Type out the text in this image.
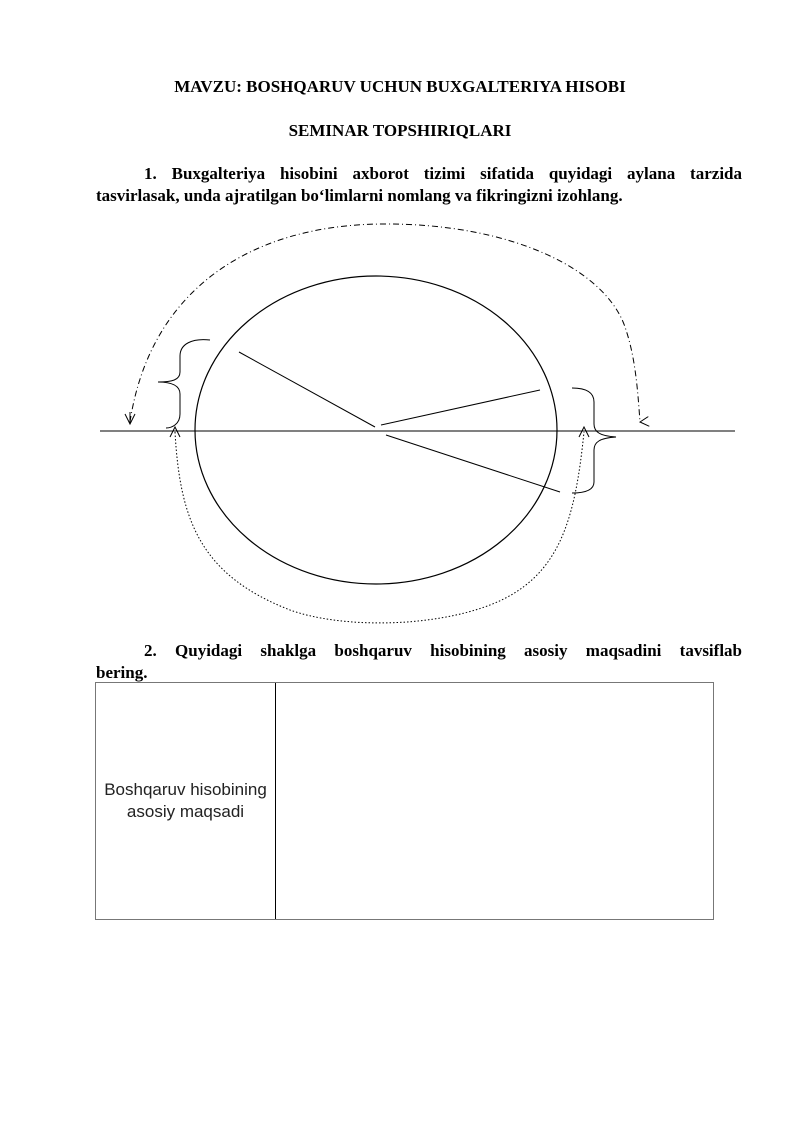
MAVZU: BOSHQARUV UCHUN BUXGALTERIYA HISOBI
SEMINAR TOPSHIRIQLARI
1. Buxgalteriya hisobini axborot tizimi sifatida quyidagi aylana tarzida
tasvirlasak, unda ajratilgan bo‘limlarni nomlang va fikringizni izohlang.
2. Quyidagi shaklga boshqaruv hisobining asosiy maqsadini tavsiflab
bering.
Boshqaruv hisobining asosiy maqsadi
